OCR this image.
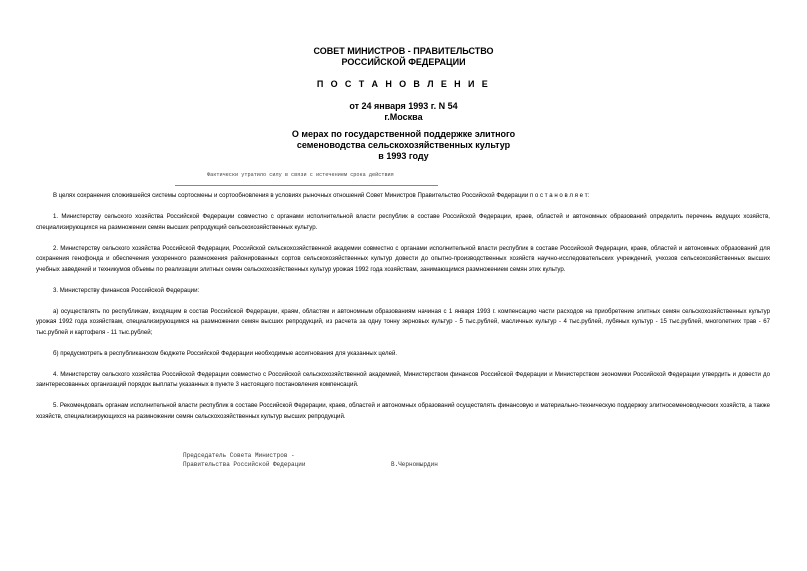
СОВЕТ МИНИСТРОВ - ПРАВИТЕЛЬСТВО
РОССИЙСКОЙ ФЕДЕРАЦИИ
П О С Т А Н О В Л Е Н И Е
от 24 января 1993 г. N 54
г.Москва
О мерах по государственной поддержке элитного
семеноводства сельскохозяйственных культур
в 1993 году
Фактически утратило силу в связи с истечением срока действия

В целях сохранения сложившейся системы сортосмены и сортообновления в условиях рыночных отношений Совет Министров Правительство Российской Федерации п о с т а н о в л я е т:

1. Министерству сельского хозяйства Российской Федерации совместно с органами исполнительной власти республик в составе Российской Федерации, краев, областей и автономных образований определить перечень ведущих хозяйств, специализирующихся на размножении семян высших репродукций сельскохозяйственных культур.

2. Министерству сельского хозяйства Российской Федерации, Российской сельскохозяйственной академии совместно с органами исполнительной власти республик в составе Российской Федерации, краев, областей и автономных образований для сохранения генофонда и обеспечения ускоренного размножения районированных сортов сельскохозяйственных культур довести до опытно-производственных хозяйств научно-исследовательских учреждений, учхозов сельскохозяйственных высших учебных заведений и техникумов объемы по реализации элитных семян сельскохозяйственных культур урожая 1992 года хозяйствам, занимающимся размножением семян этих культур.

3. Министерству финансов Российской Федерации:

а) осуществлять по республикам, входящим в состав Российской Федерации, краям, областям и автономным образованиям начиная с 1 января 1993 г. компенсацию части расходов на приобретение элитных семян сельскохозяйственных культур урожая 1992 года хозяйствам, специализирующимся на размножении семян высших репродукций, из расчета за одну тонну зерновых культур - 5 тыс.рублей, масличных культур - 4 тыс.рублей, лубяных культур - 15 тыс.рублей, многолетних трав - 67 тыс.рублей и картофеля - 11 тыс.рублей;

б) предусмотреть в республиканском бюджете Российской Федерации необходимые ассигнования для указанных целей.

4. Министерству сельского хозяйства Российской Федерации совместно с Российской сельскохозяйственной академией, Министерством финансов Российской Федерации и Министерством экономики Российской Федерации утвердить и довести до заинтересованных организаций порядок выплаты указанных в пункте 3 настоящего постановления компенсаций.

5. Рекомендовать органам исполнительной власти республик в составе Российской Федерации, краев, областей и автономных образований осуществлять финансовую и материально-техническую поддержку элитносеменоводческих хозяйств, а также хозяйств, специализирующихся на размножении семян сельскохозяйственных культур высших репродукций.

Председатель Совета Министров -
Правительства Российской Федерации	В.Черномырдин
